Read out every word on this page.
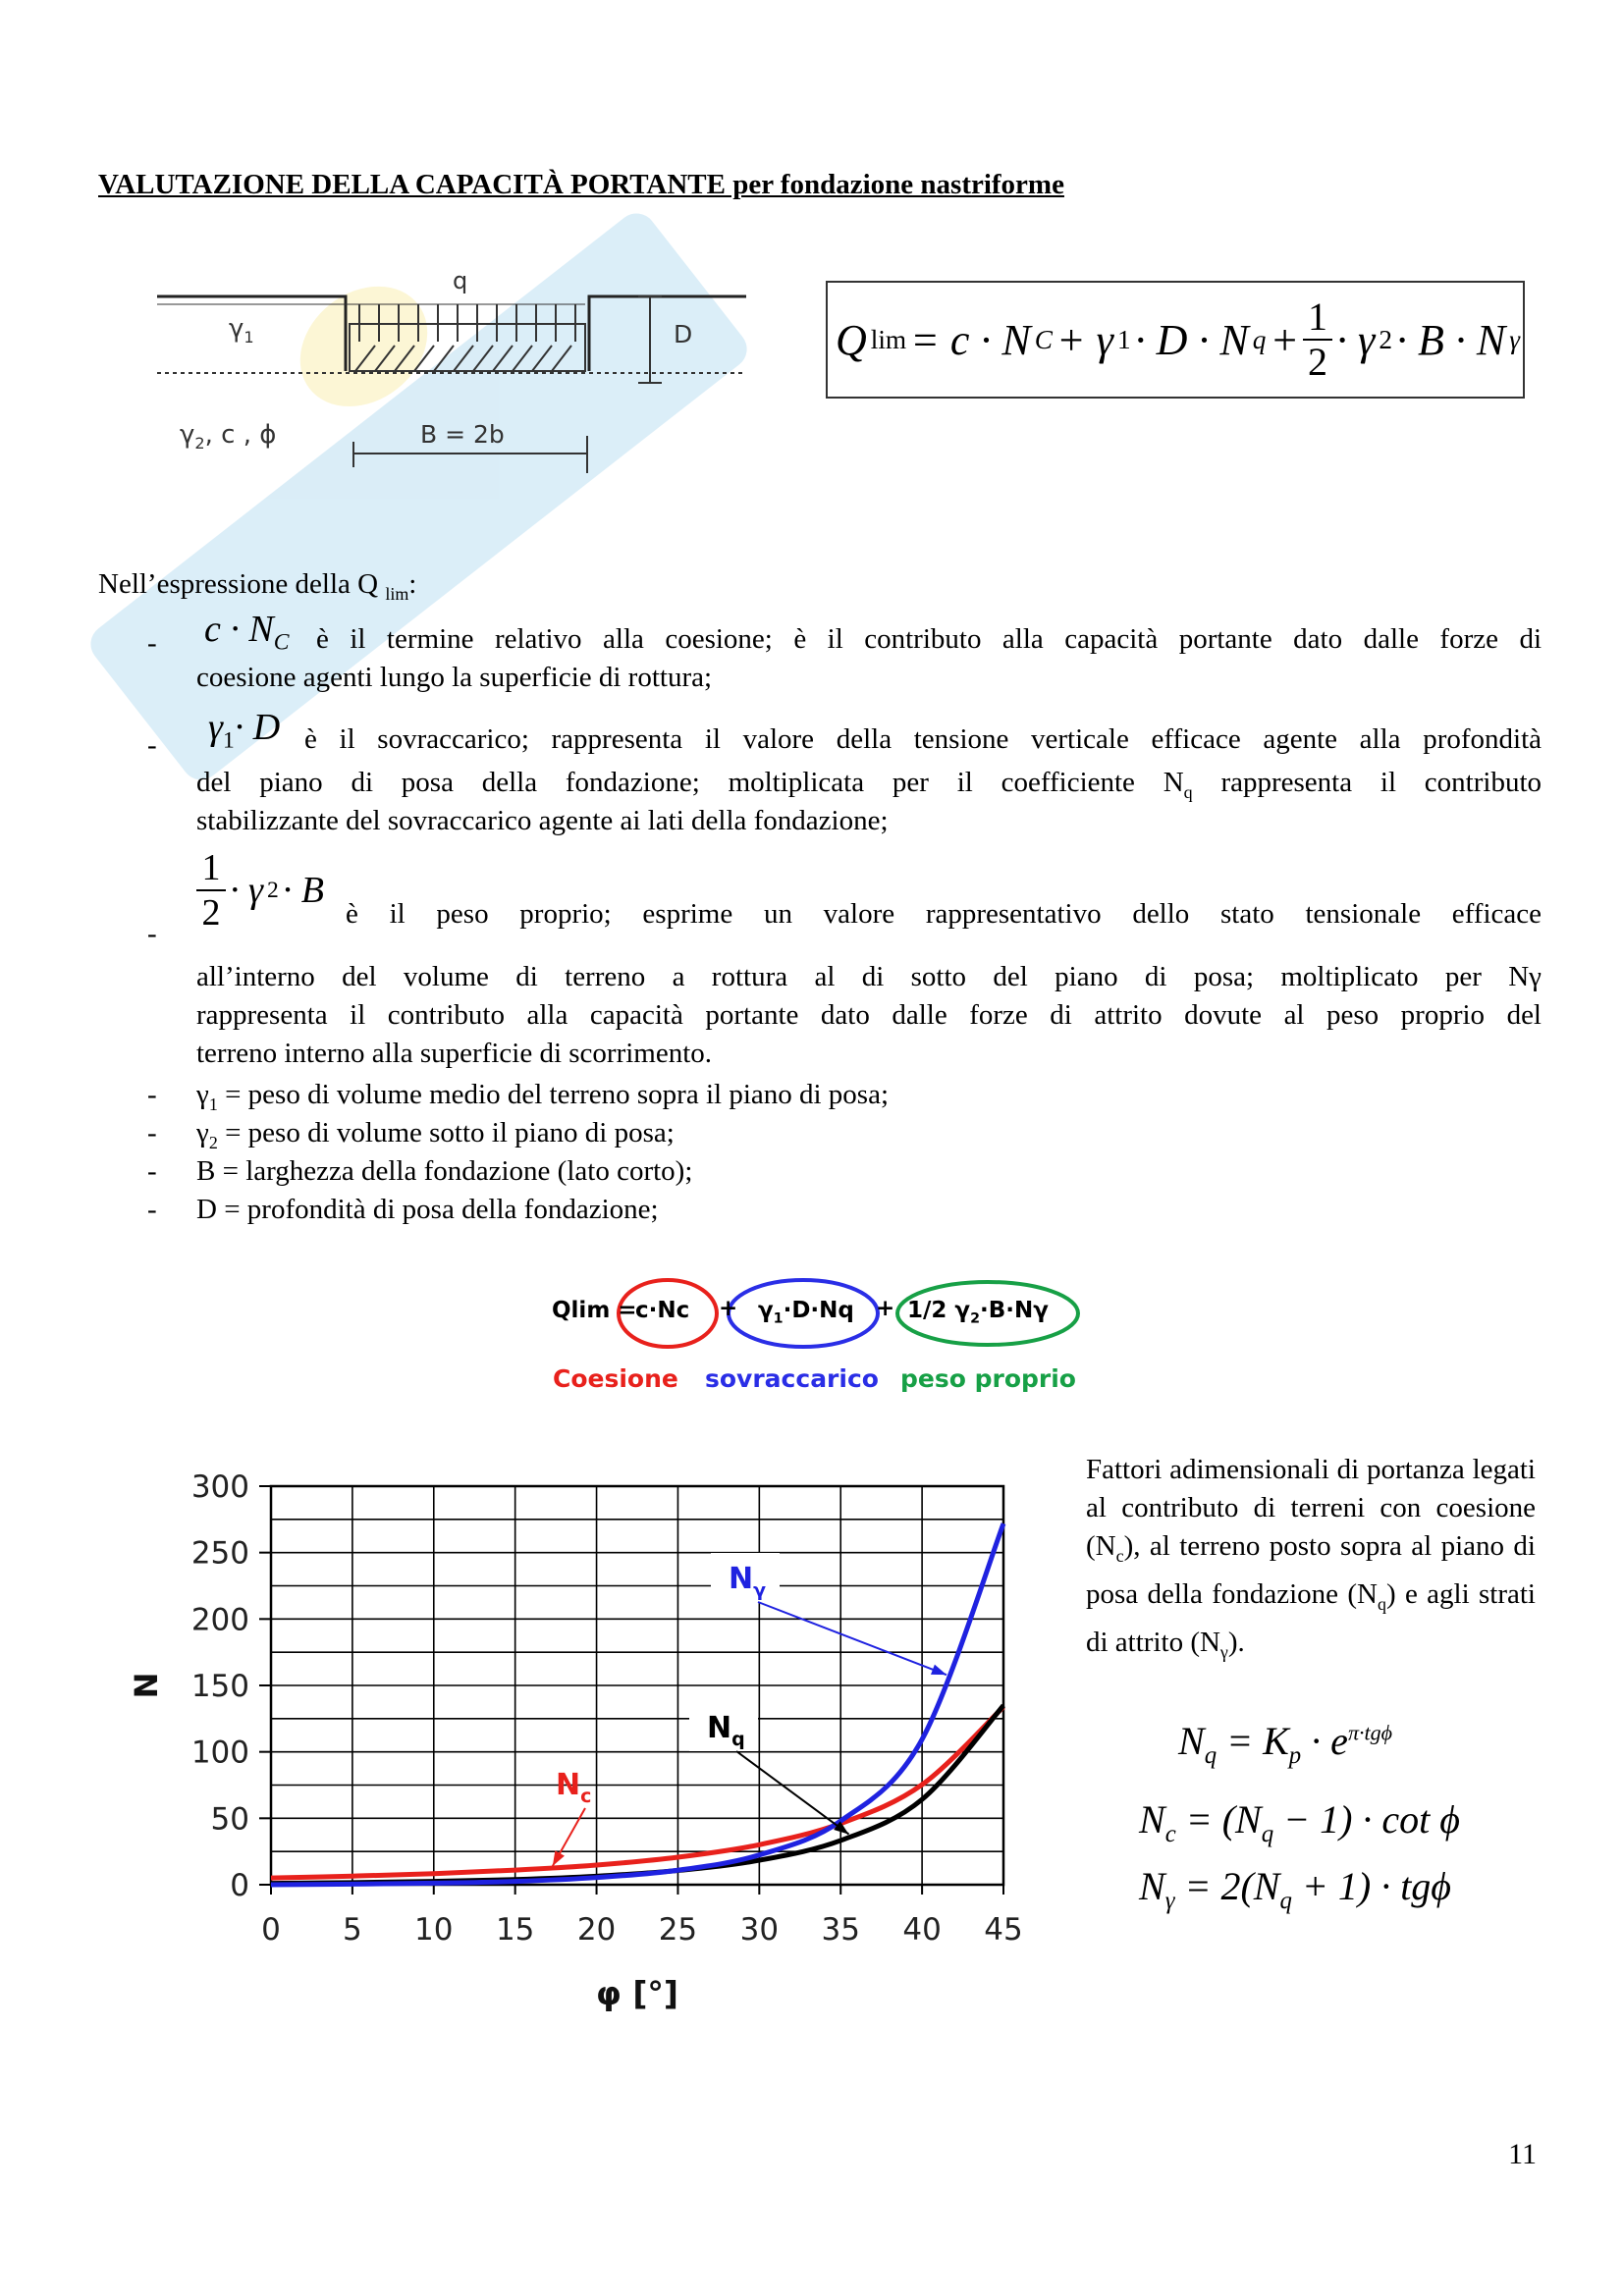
VALUTAZIONE DELLA CAPACITÀ PORTANTE per fondazione nastriforme
q
$\gamma_1$	D
$\gamma_2$, c , ϕ	B = 2b
Q lim = c · N C + γ 1 · D · N $q + \frac{1}{2} \cdot \gamma$ 2 · B · N γ
Nell’espressione della Q $_{lim}$:
- $c \cdot N_C$ è il termine relativo alla coesione; è il contributo alla capacità portante dato dalle forze di
coesione agenti lungo la superficie di rottura;
- $\gamma_1\cdot D$ è il sovraccarico; rappresenta il valore della tensione verticale efficace agente alla profondità
del piano di posa della fondazione; moltiplicata per il coefficiente $N_q$ rappresenta il contributo
stabilizzante del sovraccarico agente ai lati della fondazione;
-
1
2
· γ 2 · B
è il peso proprio; esprime un valore rappresentativo dello stato tensionale efficace
all’interno del volume di terreno a rottura al di sotto del piano di posa; moltiplicato per Nγ
rappresenta il contributo alla capacità portante dato dalle forze di attrito dovute al peso proprio del
terreno interno alla superficie di scorrimento.
- $\gamma_1$ = peso di volume medio del terreno sopra il piano di posa;
- $\gamma_2$ = peso di volume sotto il piano di posa;
- B = larghezza della fondazione (lato corto);
- D = profondità di posa della fondazione;
Qlim =
$c\cdot Nc + \gamma_1\cdot D\cdot Nq + 1/2$ $\gamma_2\cdot B\cdot N\gamma$
Coesione sovraccarico peso proprio
0
50
100
150
200
250
300
0 5 10 15 20 25 30 35 40 45
N
φ [°]
$N_\gamma$
$N_c$
$N_q$
Fattori adimensionali di portanza legati al contributo di terreni con coesione $(N_c)$, al terreno posto sopra al piano di posa della fondazione $(N_q)$ e agli strati di attrito $(N_\gamma)$.
$N_q = K_p \cdot e^{\pi\cdot tg\phi}$
$N_c = (N_q - 1) \cdot \cot \phi$
$N_\gamma = 2(N_q + 1) \cdot tg\phi$
11
